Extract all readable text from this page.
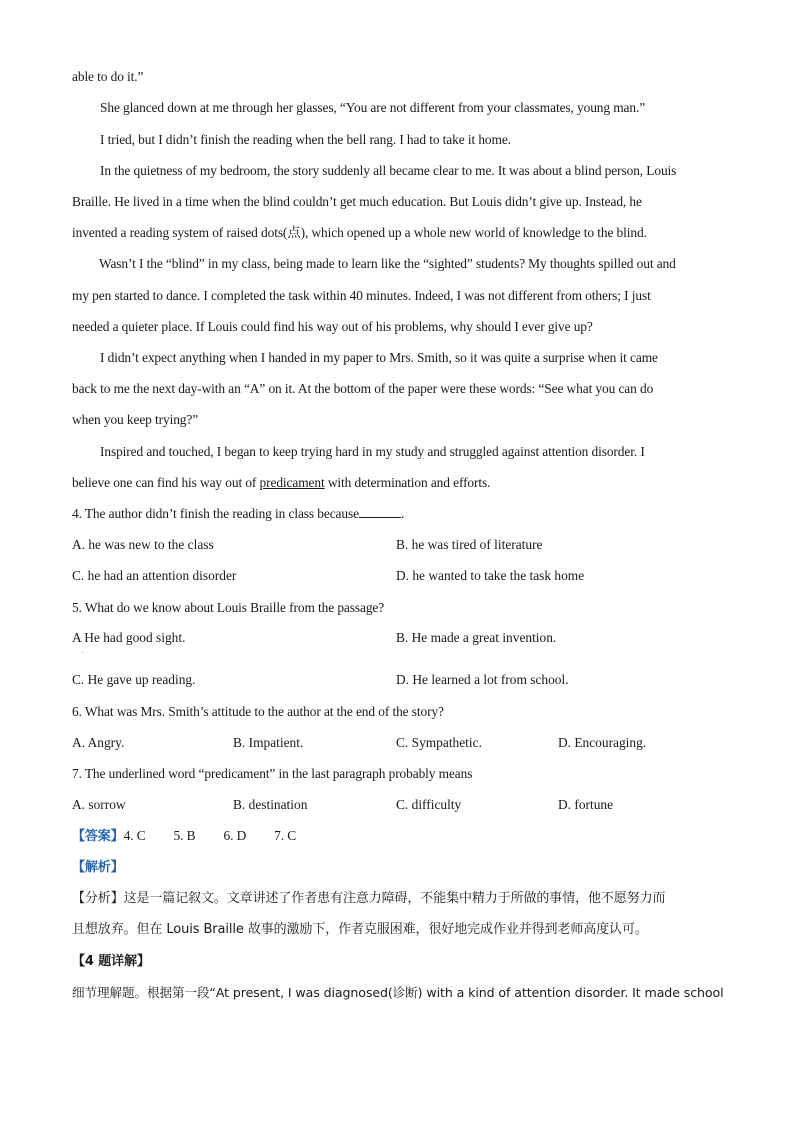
able to do it.”
She glanced down at me through her glasses, “You are not different from your classmates, young man.”
I tried, but I didn’t finish the reading when the bell rang. I had to take it home.
In the quietness of my bedroom, the story suddenly all became clear to me. It was about a blind person, Louis
Braille. He lived in a time when the blind couldn’t get much education. But Louis didn’t give up. Instead, he
invented a reading system of raised dots(点), which opened up a whole new world of knowledge to the blind.
Wasn’t I the “blind” in my class, being made to learn like the “sighted” students? My thoughts spilled out and
my pen started to dance. I completed the task within 40 minutes. Indeed, I was not different from others; I just
needed a quieter place. If Louis could find his way out of his problems, why should I ever give up?
I didn’t expect anything when I handed in my paper to Mrs. Smith, so it was quite a surprise when it came
back to me the next day-with an “A” on it. At the bottom of the paper were these words: “See what you can do
when you keep trying?”
Inspired and touched, I began to keep trying hard in my study and struggled against attention disorder. I
believe one can find his way out of predicament with determination and efforts.
4. The author didn’t finish the reading in class because	.
A. he was new to the class	B. he was tired of literature
C. he had an attention disorder	D. he wanted to take the task home
5. What do we know about Louis Braille from the passage?
A He had good sight.
.
B. He made a great invention.
C. He gave up reading.	D. He learned a lot from school.
6. What was Mrs. Smith’s attitude to the author at the end of the story?
A. Angry.	B. Impatient.	C. Sympathetic.	D. Encouraging.
7. The underlined word “predicament” in the last paragraph probably means
A. sorrow	B. destination	C. difficulty	D. fortune
【答案】4. C 5. B 6. D 7. C
【解析】
【分析】这是一篇记叙文。文章讲述了作者患有注意力障碍，不能集中精力于所做的事情，他不愿努力而
且想放弃。但在 Louis Braille 故事的激励下，作者克服困难，很好地完成作业并得到老师高度认可。
【4 题详解】
细节理解题。根据第一段“At present, I was diagnosed(诊断) with a kind of attention disorder. It made school
